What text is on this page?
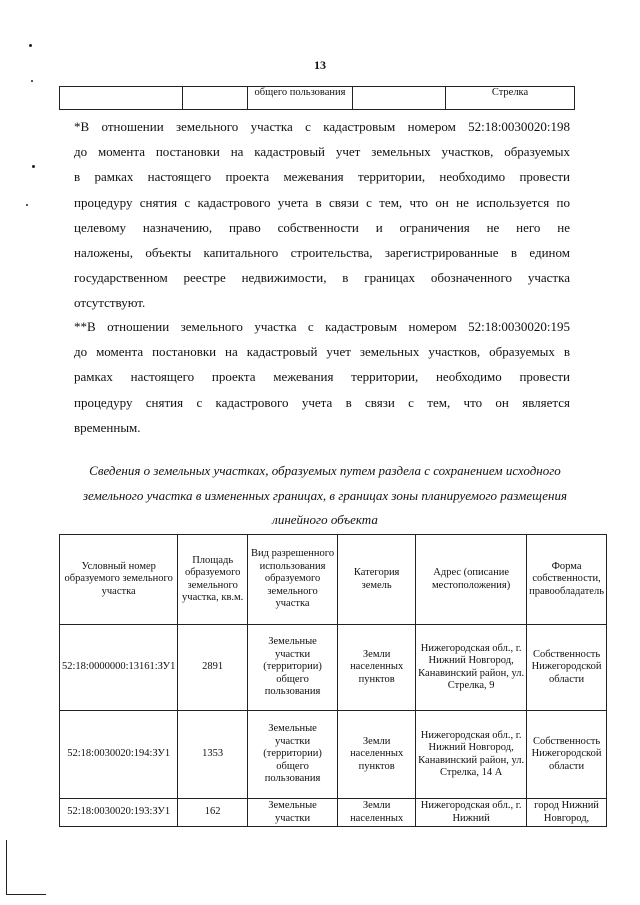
13
		общего пользования		Стрелка
*В отношении земельного участка с кадастровым номером 52:18:0030020:198
до момента постановки на кадастровый учет земельных участков, образуемых
в рамках настоящего проекта межевания территории, необходимо провести
процедуру снятия с кадастрового учета в связи с тем, что он не используется по
целевому назначению, право собственности и ограничения не него не
наложены, объекты капитального строительства, зарегистрированные в едином
государственном реестре недвижимости, в границах обозначенного участка
отсутствуют.
**В отношении земельного участка с кадастровым номером 52:18:0030020:195
до момента постановки на кадастровый учет земельных участков, образуемых в
рамках настоящего проекта межевания территории, необходимо провести
процедуру снятия с кадастрового учета в связи с тем, что он является
временным.
Сведения о земельных участках, образуемых путем раздела с сохранением исходного земельного участка в измененных границах, в границах зоны планируемого размещения линейного объекта
Условный номер образуемого земельного участка	Площадь образуемого земельного участка, кв.м.	Вид разрешенного использования образуемого земельного участка	Категория земель	Адрес (описание местоположения)	Форма собственности, правообладатель
52:18:0000000:13161:ЗУ1	2891	Земельные участки (территории) общего пользования	Земли населенных пунктов	Нижегородская обл., г. Нижний Новгород, Канавинский район, ул. Стрелка, 9	Собственность Нижегородской области
52:18:0030020:194:ЗУ1	1353	Земельные участки (территории) общего пользования	Земли населенных пунктов	Нижегородская обл., г. Нижний Новгород, Канавинский район, ул. Стрелка, 14 А	Собственность Нижегородской области
52:18:0030020:193:ЗУ1	162	Земельные участки	Земли населенных	Нижегородская обл., г. Нижний	город Нижний Новгород,
